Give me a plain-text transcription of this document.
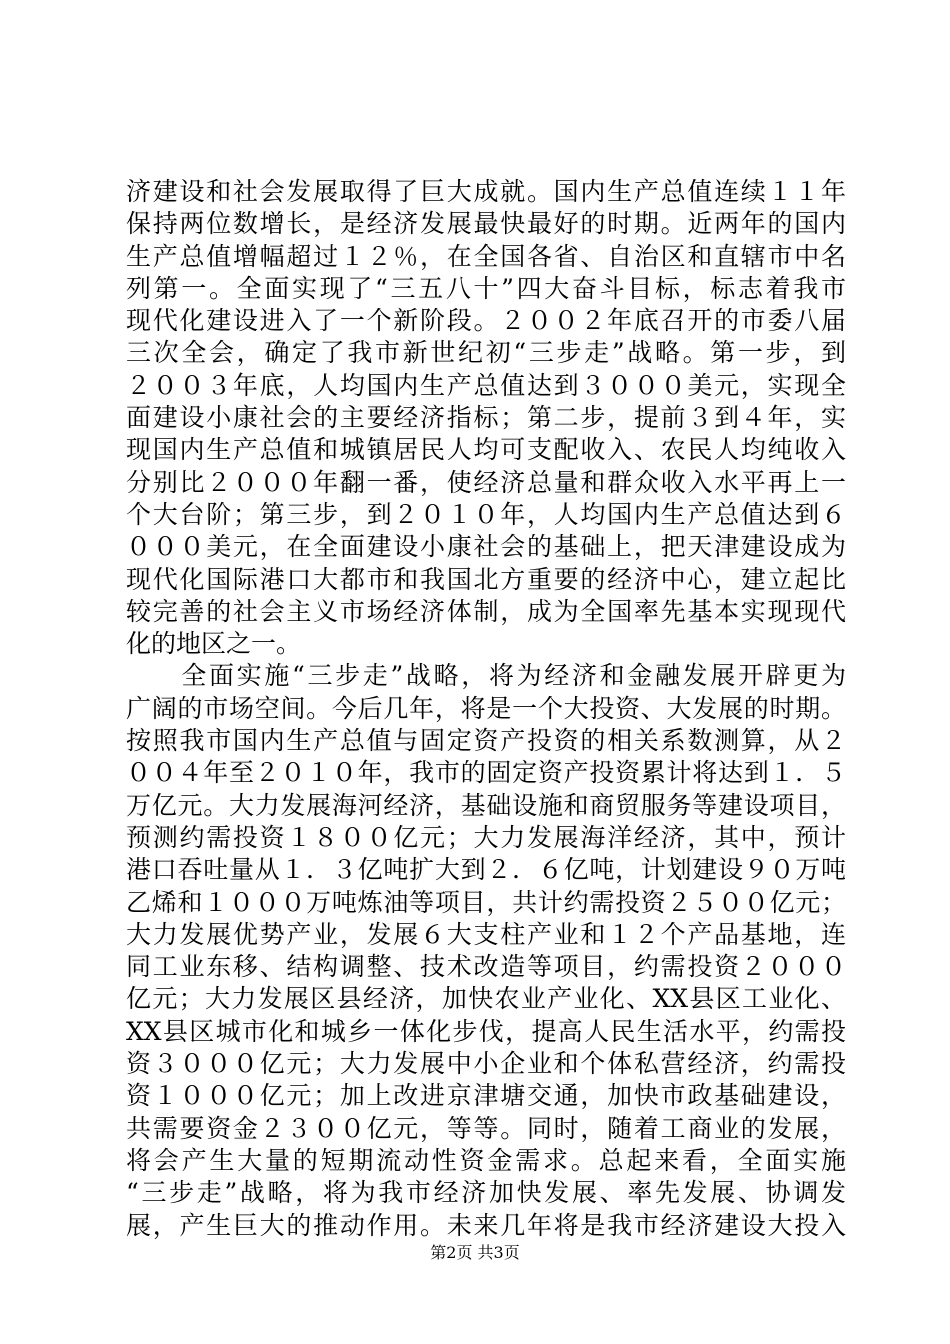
济建设和社会发展取得了巨大成就。国内生产总值连续１１年
保持两位数增长，是经济发展最快最好的时期。近两年的国内
生产总值增幅超过１２％，在全国各省、自治区和直辖市中名
列第一。全面实现了“三五八十”四大奋斗目标，标志着我市
现代化建设进入了一个新阶段。２００２年底召开的市委八届
三次全会，确定了我市新世纪初“三步走”战略。第一步，到
２００３年底，人均国内生产总值达到３０００美元，实现全
面建设小康社会的主要经济指标；第二步，提前３到４年，实
现国内生产总值和城镇居民人均可支配收入、农民人均纯收入
分别比２０００年翻一番，使经济总量和群众收入水平再上一
个大台阶；第三步，到２０１０年，人均国内生产总值达到６
０００美元，在全面建设小康社会的基础上，把天津建设成为
现代化国际港口大都市和我国北方重要的经济中心，建立起比
较完善的社会主义市场经济体制，成为全国率先基本实现现代
化的地区之一。
　　全面实施“三步走”战略，将为经济和金融发展开辟更为
广阔的市场空间。今后几年，将是一个大投资、大发展的时期。
按照我市国内生产总值与固定资产投资的相关系数测算，从２
００４年至２０１０年，我市的固定资产投资累计将达到１．５
万亿元。大力发展海河经济，基础设施和商贸服务等建设项目，
预测约需投资１８００亿元；大力发展海洋经济，其中，预计
港口吞吐量从１．３亿吨扩大到２．６亿吨，计划建设９０万吨
乙烯和１０００万吨炼油等项目，共计约需投资２５００亿元；
大力发展优势产业，发展６大支柱产业和１２个产品基地，连
同工业东移、结构调整、技术改造等项目，约需投资２０００
亿元；大力发展区县经济，加快农业产业化、XX县区工业化、
XX县区城市化和城乡一体化步伐，提高人民生活水平，约需投
资３０００亿元；大力发展中小企业和个体私营经济，约需投
资１０００亿元；加上改进京津塘交通，加快市政基础建设，
共需要资金２３００亿元，等等。同时，随着工商业的发展，
将会产生大量的短期流动性资金需求。总起来看，全面实施
“三步走”战略，将为我市经济加快发展、率先发展、协调发
展，产生巨大的推动作用。未来几年将是我市经济建设大投入
第2页 共3页
